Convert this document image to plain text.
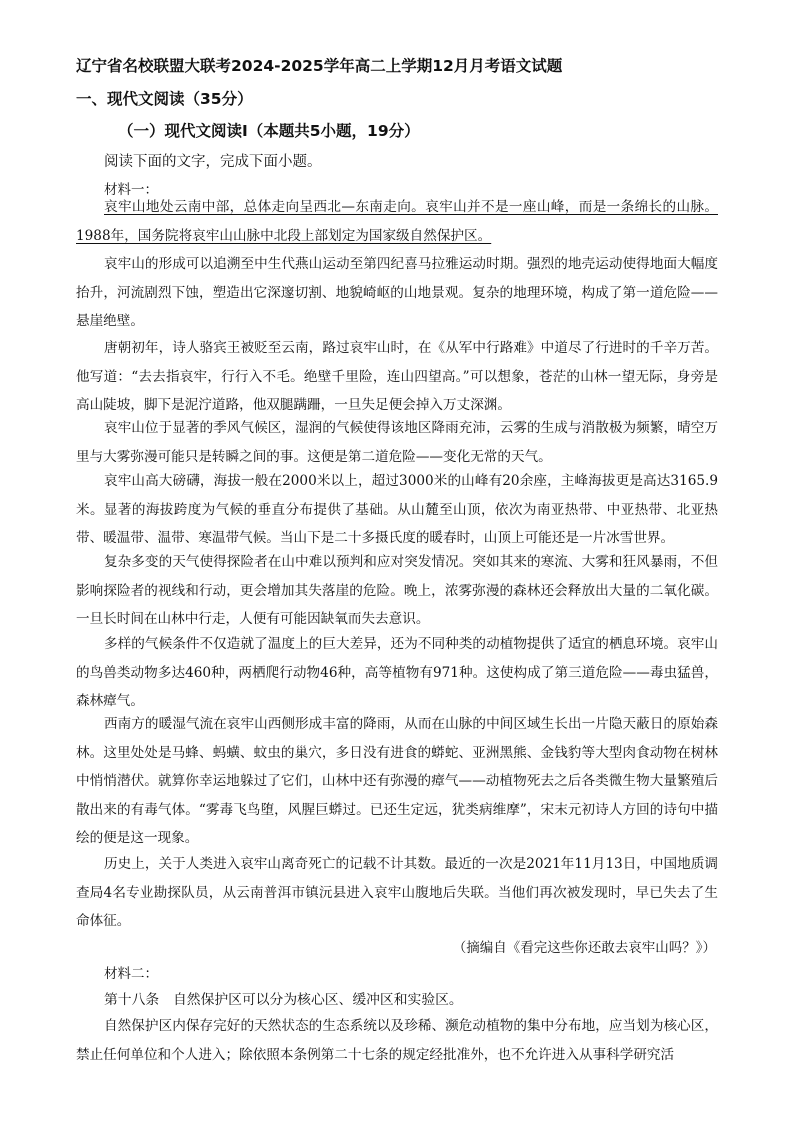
辽宁省名校联盟大联考2024-2025学年高二上学期12月月考语文试题
一、现代文阅读（35分）
（一）现代文阅读Ⅰ（本题共5小题，19分）
阅读下面的文字，完成下面小题。
材料一：

哀牢山地处云南中部，总体走向呈西北—东南走向。哀牢山并不是一座山峰，而是一条绵长的山脉。1988年，国务院将哀牢山山脉中北段上部划定为国家级自然保护区。

哀牢山的形成可以追溯至中生代燕山运动至第四纪喜马拉雅运动时期。强烈的地壳运动使得地面大幅度抬升，河流剧烈下蚀，塑造出它深邃切割、地貌崎岖的山地景观。复杂的地理环境，构成了第一道危险——悬崖绝壁。

唐朝初年，诗人骆宾王被贬至云南，路过哀牢山时，在《从军中行路难》中道尽了行进时的千辛万苦。他写道：“去去指哀牢，行行入不毛。绝壁千里险，连山四望高。”可以想象，苍茫的山林一望无际，身旁是高山陡坡，脚下是泥泞道路，他双腿蹒跚，一旦失足便会掉入万丈深渊。

哀牢山位于显著的季风气候区，湿润的气候使得该地区降雨充沛，云雾的生成与消散极为频繁，晴空万里与大雾弥漫可能只是转瞬之间的事。这便是第二道危险——变化无常的天气。

哀牢山高大磅礴，海拔一般在2000米以上，超过3000米的山峰有20余座，主峰海拔更是高达3165.9米。显著的海拔跨度为气候的垂直分布提供了基础。从山麓至山顶，依次为南亚热带、中亚热带、北亚热带、暖温带、温带、寒温带气候。当山下是二十多摄氏度的暖春时，山顶上可能还是一片冰雪世界。

复杂多变的天气使得探险者在山中难以预判和应对突发情况。突如其来的寒流、大雾和狂风暴雨，不但影响探险者的视线和行动，更会增加其失落崖的危险。晚上，浓雾弥漫的森林还会释放出大量的二氧化碳。一旦长时间在山林中行走，人便有可能因缺氧而失去意识。

多样的气候条件不仅造就了温度上的巨大差异，还为不同种类的动植物提供了适宜的栖息环境。哀牢山的鸟兽类动物多达460种，两栖爬行动物46种，高等植物有971种。这使构成了第三道危险——毒虫猛兽，森林瘴气。

西南方的暖湿气流在哀牢山西侧形成丰富的降雨，从而在山脉的中间区域生长出一片隐天蔽日的原始森林。这里处处是马蜂、蚂蟥、蚊虫的巢穴，多日没有进食的蟒蛇、亚洲黑熊、金钱豹等大型肉食动物在树林中悄悄潜伏。就算你幸运地躲过了它们，山林中还有弥漫的瘴气——动植物死去之后各类微生物大量繁殖后散出来的有毒气体。“雾毒飞鸟堕，风腥巨蟒过。已还生定远，犹类病维摩”，宋末元初诗人方回的诗句中描绘的便是这一现象。

历史上，关于人类进入哀牢山离奇死亡的记载不计其数。最近的一次是2021年11月13日，中国地质调查局4名专业勘探队员，从云南普洱市镇沅县进入哀牢山腹地后失联。当他们再次被发现时，早已失去了生命体征。

（摘编自《看完这些你还敢去哀牢山吗？》）
材料二：
第十八条　自然保护区可以分为核心区、缓冲区和实验区。

自然保护区内保存完好的天然状态的生态系统以及珍稀、濒危动植物的集中分布地，应当划为核心区，禁止任何单位和个人进入；除依照本条例第二十七条的规定经批准外，也不允许进入从事科学研究活
